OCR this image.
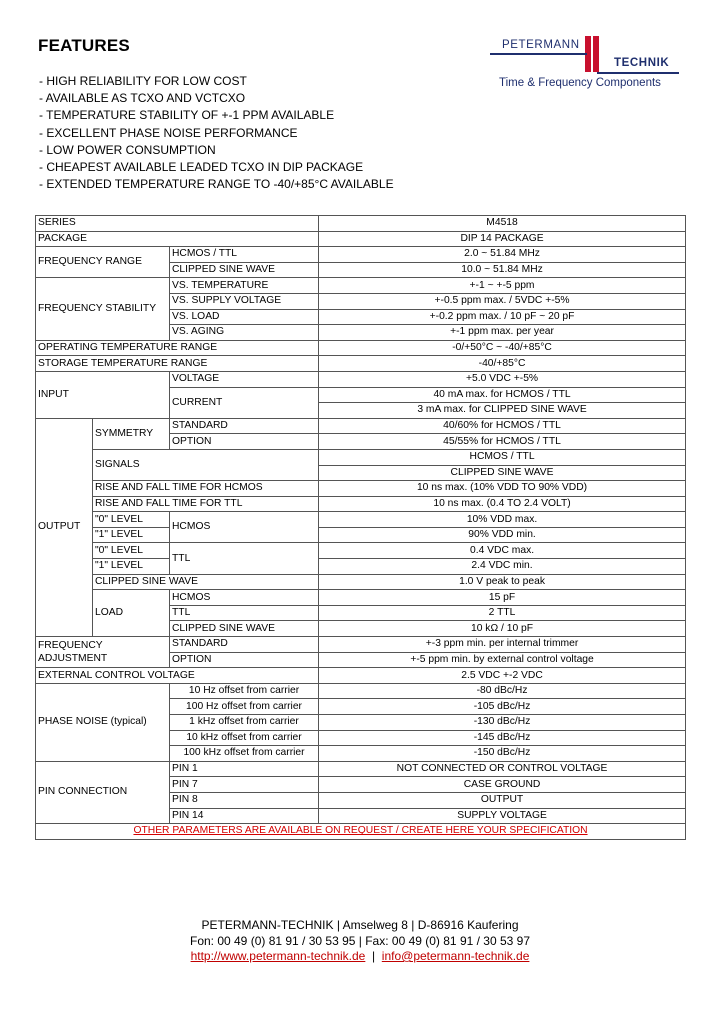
FEATURES	PETERMANN
TECHNIK
Time & Frequency Components
- HIGH RELIABILITY FOR LOW COST
- AVAILABLE AS TCXO AND VCTCXO
- TEMPERATURE STABILITY OF +-1 PPM AVAILABLE
- EXCELLENT PHASE NOISE PERFORMANCE
- LOW POWER CONSUMPTION
- CHEAPEST AVAILABLE LEADED TCXO IN DIP PACKAGE
- EXTENDED TEMPERATURE RANGE TO -40/+85°C AVAILABLE
SERIES			M4518
PACKAGE			DIP 14 PACKAGE
FREQUENCY RANGE		HCMOS / TTL	2.0 ~ 51.84 MHz
		CLIPPED SINE WAVE	10.0 ~ 51.84 MHz
FREQUENCY STABILITY		VS. TEMPERATURE	+-1 ~ +-5 ppm
		VS. SUPPLY VOLTAGE	+-0.5 ppm max. / 5VDC +-5%
		VS. LOAD	+-0.2 ppm max. / 10 pF ~ 20 pF
		VS. AGING	+-1 ppm max. per year
OPERATING TEMPERATURE RANGE			-0/+50°C ~ -40/+85°C
STORAGE TEMPERATURE RANGE			-40/+85°C
INPUT		VOLTAGE	+5.0 VDC +-5%
		CURRENT	40 mA max. for HCMOS / TTL
			3 mA max. for CLIPPED SINE WAVE
OUTPUT	SYMMETRY	STANDARD	40/60% for HCMOS / TTL
		OPTION	45/55% for HCMOS / TTL
	SIGNALS		HCMOS / TTL
			CLIPPED SINE WAVE
	RISE AND FALL TIME FOR HCMOS		10 ns max. (10% VDD TO 90% VDD)
	RISE AND FALL TIME FOR TTL		10 ns max. (0.4 TO 2.4 VOLT)
	"0" LEVEL	HCMOS	10% VDD max.
	"1" LEVEL		90% VDD min.
	"0" LEVEL	TTL	0.4 VDC max.
	"1" LEVEL		2.4 VDC min.
	CLIPPED SINE WAVE		1.0 V peak to peak
	LOAD	HCMOS	15 pF
		TTL	2 TTL
		CLIPPED SINE WAVE	10 kΩ / 10 pF

FREQUENCY
ADJUSTMENT		STANDARD	+-3 ppm min. per internal trimmer
		OPTION	+-5 ppm min. by external control voltage
EXTERNAL CONTROL VOLTAGE			2.5 VDC +-2 VDC
PHASE NOISE (typical)		10 Hz offset from carrier	-80 dBc/Hz
		100 Hz offset from carrier	-105 dBc/Hz
		1 kHz offset from carrier	-130 dBc/Hz
		10 kHz offset from carrier	-145 dBc/Hz
		100 kHz offset from carrier	-150 dBc/Hz
PIN CONNECTION		PIN 1	NOT CONNECTED OR CONTROL VOLTAGE
		PIN 7	CASE GROUND
		PIN 8	OUTPUT
		PIN 14	SUPPLY VOLTAGE
OTHER PARAMETERS ARE AVAILABLE ON REQUEST / CREATE HERE YOUR SPECIFICATION			
PETERMANN-TECHNIK | Amselweg 8 | D-86916 Kaufering
Fon: 00 49 (0) 81 91 / 30 53 95 | Fax: 00 49 (0) 81 91 / 30 53 97
http://www.petermann-technik.de  |  info@petermann-technik.de
